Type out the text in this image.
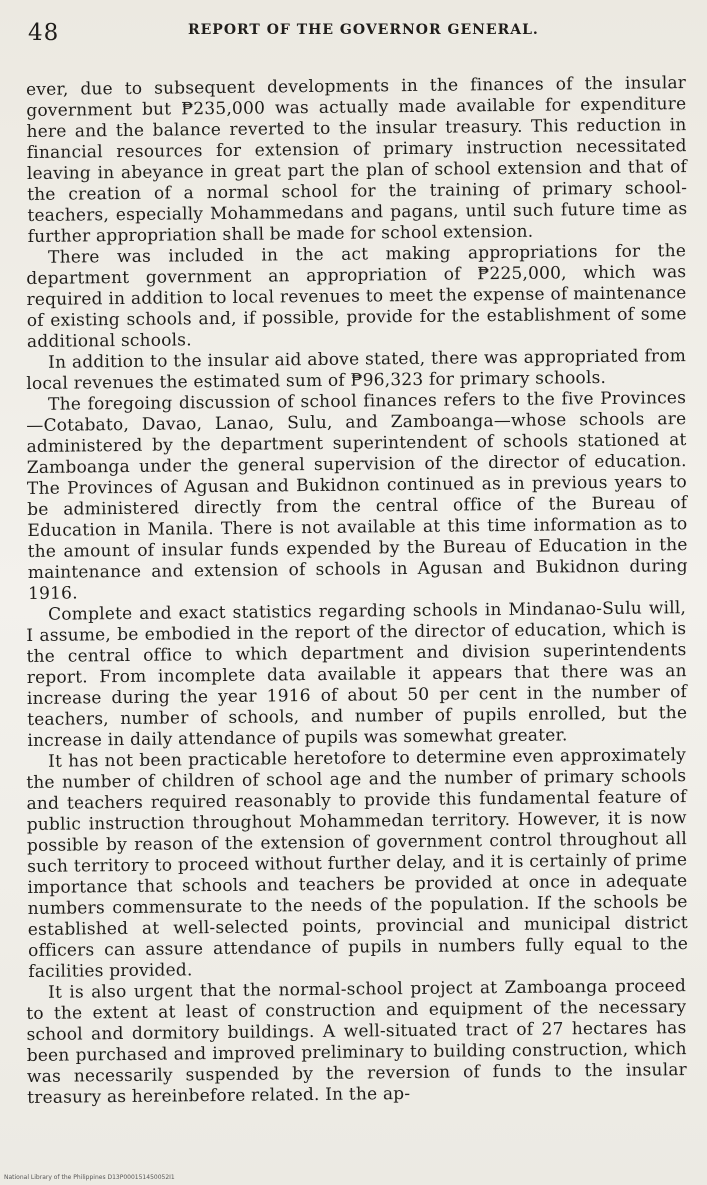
48	REPORT OF THE GOVERNOR GENERAL.

ever, due to subsequent developments in the finances of the insular government but ₱235,000 was actually made available for expenditure here and the balance reverted to the insular treasury. This reduction in financial resources for extension of primary instruction necessitated leaving in abeyance in great part the plan of school extension and that of the creation of a normal school for the training of primary school-teachers, especially Mohammedans and pagans, until such future time as further appropriation shall be made for school extension.

There was included in the act making appropriations for the department government an appropriation of ₱225,000, which was required in addition to local revenues to meet the expense of maintenance of existing schools and, if possible, provide for the establishment of some additional schools.

In addition to the insular aid above stated, there was appropriated from local revenues the estimated sum of ₱96,323 for primary schools.

The foregoing discussion of school finances refers to the five Provinces—Cotabato, Davao, Lanao, Sulu, and Zamboanga—whose schools are administered by the department superintendent of schools stationed at Zamboanga under the general supervision of the director of education. The Provinces of Agusan and Bukidnon continued as in previous years to be administered directly from the central office of the Bureau of Education in Manila. There is not available at this time information as to the amount of insular funds expended by the Bureau of Education in the maintenance and extension of schools in Agusan and Bukidnon during 1916.

Complete and exact statistics regarding schools in Mindanao-Sulu will, I assume, be embodied in the report of the director of education, which is the central office to which department and division superintendents report. From incomplete data available it appears that there was an increase during the year 1916 of about 50 per cent in the number of teachers, number of schools, and number of pupils enrolled, but the increase in daily attendance of pupils was somewhat greater.

It has not been practicable heretofore to determine even approximately the number of children of school age and the number of primary schools and teachers required reasonably to provide this fundamental feature of public instruction throughout Mohammedan territory. However, it is now possible by reason of the extension of government control throughout all such territory to proceed without further delay, and it is certainly of prime importance that schools and teachers be provided at once in adequate numbers commensurate to the needs of the population. If the schools be established at well-selected points, provincial and municipal district officers can assure attendance of pupils in numbers fully equal to the facilities provided.

It is also urgent that the normal-school project at Zamboanga proceed to the extent at least of construction and equipment of the necessary school and dormitory buildings. A well-situated tract of 27 hectares has been purchased and improved preliminary to building construction, which was necessarily suspended by the reversion of funds to the insular treasury as hereinbefore related. In the ap-

National Library of the Philippines D13P000151450052I1
